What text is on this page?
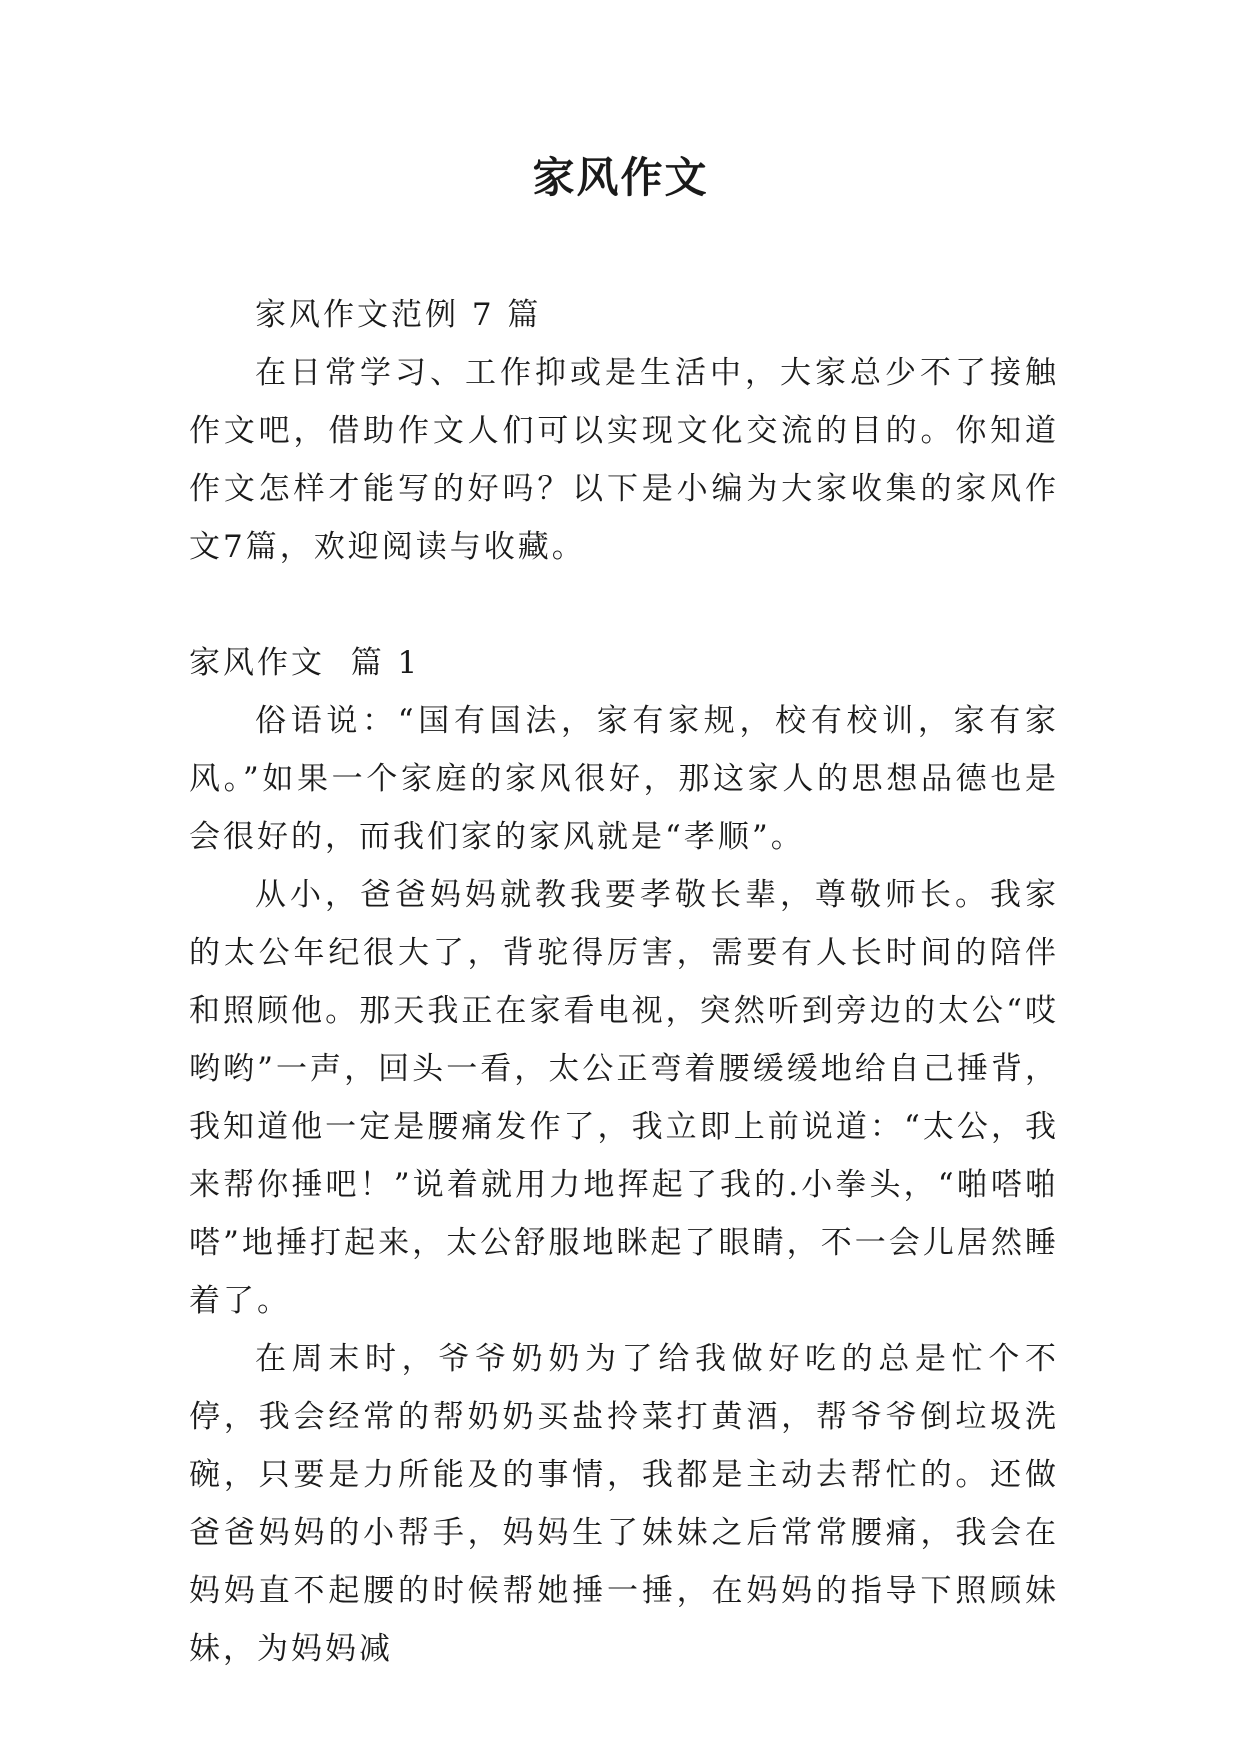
家风作文

家风作文范例 7 篇

在日常学习、工作抑或是生活中，大家总少不了接触作文吧，借助作文人们可以实现文化交流的目的。你知道作文怎样才能写的好吗？以下是小编为大家收集的家风作文7篇，欢迎阅读与收藏。

家风作文  篇 1

俗语说：“国有国法，家有家规，校有校训，家有家风。”如果一个家庭的家风很好，那这家人的思想品德也是会很好的，而我们家的家风就是“孝顺”。

从小，爸爸妈妈就教我要孝敬长辈，尊敬师长。我家的太公年纪很大了，背驼得厉害，需要有人长时间的陪伴和照顾他。那天我正在家看电视，突然听到旁边的太公“哎哟哟”一声，回头一看，太公正弯着腰缓缓地给自己捶背，我知道他一定是腰痛发作了，我立即上前说道：“太公，我来帮你捶吧！”说着就用力地挥起了我的.小拳头，“啪嗒啪嗒”地捶打起来，太公舒服地眯起了眼睛，不一会儿居然睡着了。

在周末时，爷爷奶奶为了给我做好吃的总是忙个不停，我会经常的帮奶奶买盐拎菜打黄酒，帮爷爷倒垃圾洗碗，只要是力所能及的事情，我都是主动去帮忙的。还做爸爸妈妈的小帮手，妈妈生了妹妹之后常常腰痛，我会在妈妈直不起腰的时候帮她捶一捶，在妈妈的指导下照顾妹妹，为妈妈减
